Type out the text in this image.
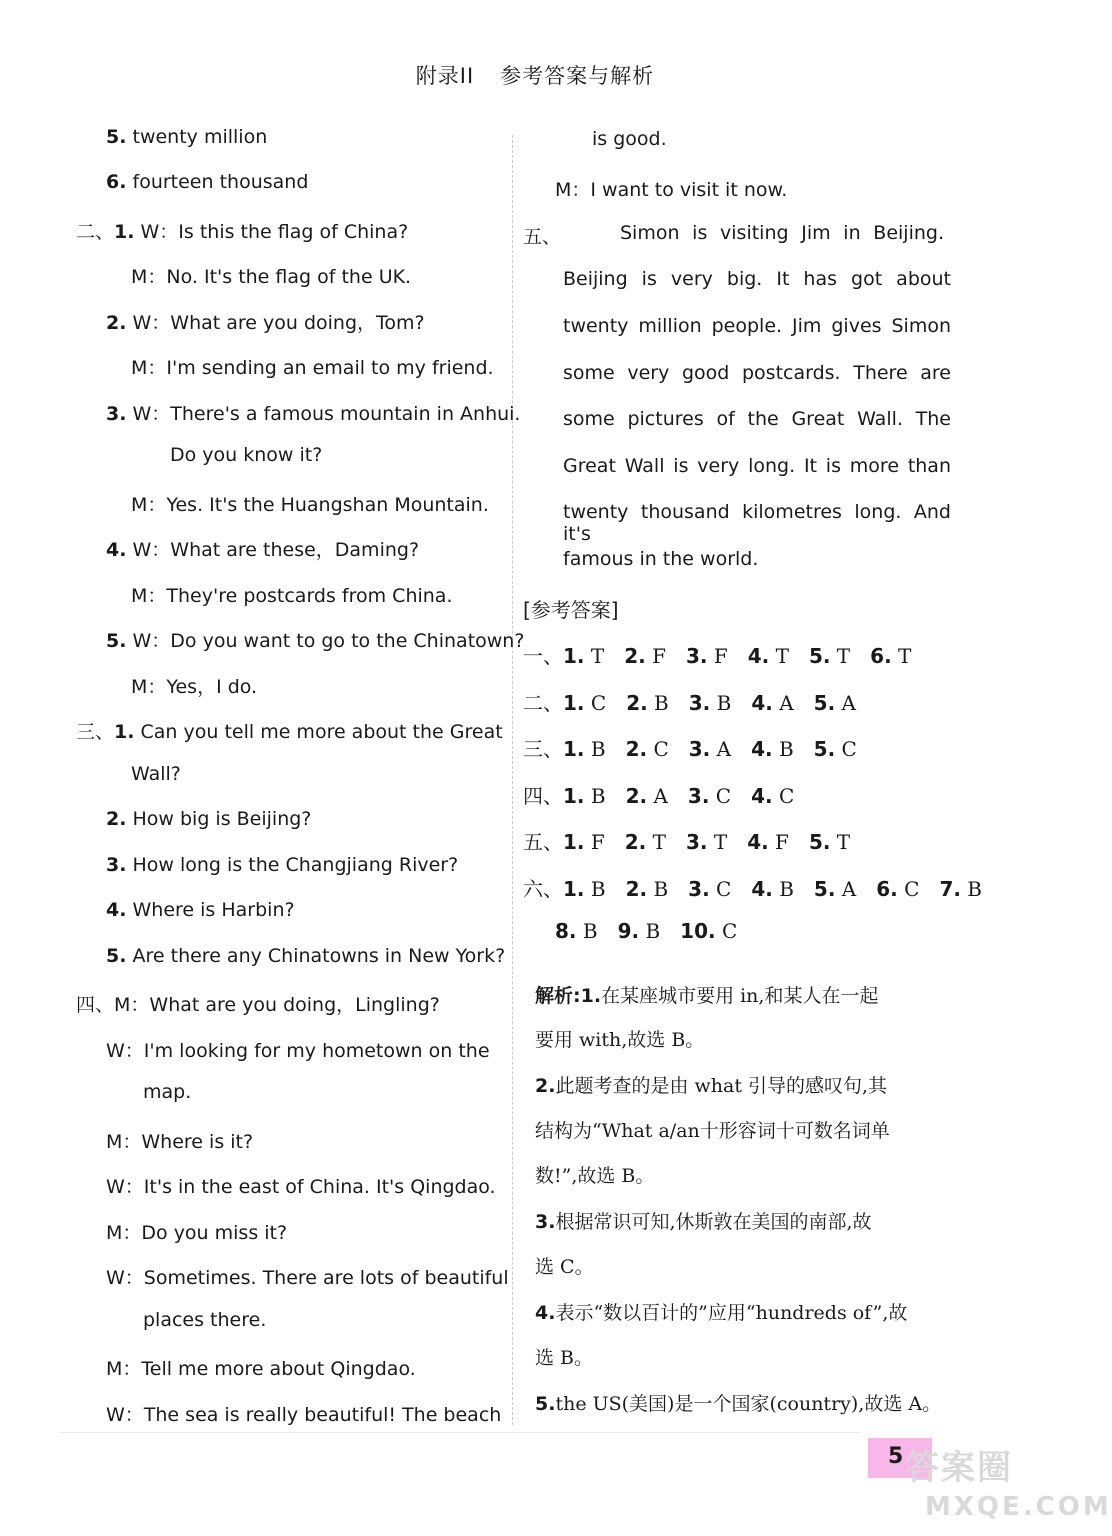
附录II 参考答案与解析
5. twenty million
6. fourteen thousand
二、1. W：Is this the flag of China?
M：No. It's the flag of the UK.
2. W：What are you doing，Tom?
M：I'm sending an email to my friend.
3. W：There's a famous mountain in Anhui.
Do you know it?
M：Yes. It's the Huangshan Mountain.
4. W：What are these，Daming?
M：They're postcards from China.
5. W：Do you want to go to the Chinatown?
M：Yes，I do.
三、1. Can you tell me more about the Great
Wall?
2. How big is Beijing?
3. How long is the Changjiang River?
4. Where is Harbin?
5. Are there any Chinatowns in New York?
四、M：What are you doing，Lingling?
W：I'm looking for my hometown on the
map.
M：Where is it?
W：It's in the east of China. It's Qingdao.
M：Do you miss it?
W：Sometimes. There are lots of beautiful
places there.
M：Tell me more about Qingdao.
W：The sea is really beautiful! The beach
is good.
M：I want to visit it now.
五、	Simon is visiting Jim in Beijing.
Beijing is very big. It has got about
twenty million people. Jim gives Simon
some very good postcards. There are
some pictures of the Great Wall. The
Great Wall is very long. It is more than
twenty thousand kilometres long. And it's
famous in the world.
[参考答案]
一、1. T 2. F 3. F 4. T 5. T 6. T
二、1. C 2. B 3. B 4. A 5. A
三、1. B 2. C 3. A 4. B 5. C
四、1. B 2. A 3. C 4. C
五、1. F 2. T 3. T 4. F 5. T
六、1. B 2. B 3. C 4. B 5. A 6. C 7. B
8. B 9. B 10. C
解析:1.在某座城市要用 in,和某人在一起
要用 with,故选 B。
2.此题考查的是由 what 引导的感叹句,其
结构为“What a/an十形容词十可数名词单
数!”,故选 B。
3.根据常识可知,休斯敦在美国的南部,故
选 C。
4.表示“数以百计的”应用“hundreds of”,故
选 B。
5.the US(美国)是一个国家(country),故选 A。
5 答案圈
MXQE.COM
